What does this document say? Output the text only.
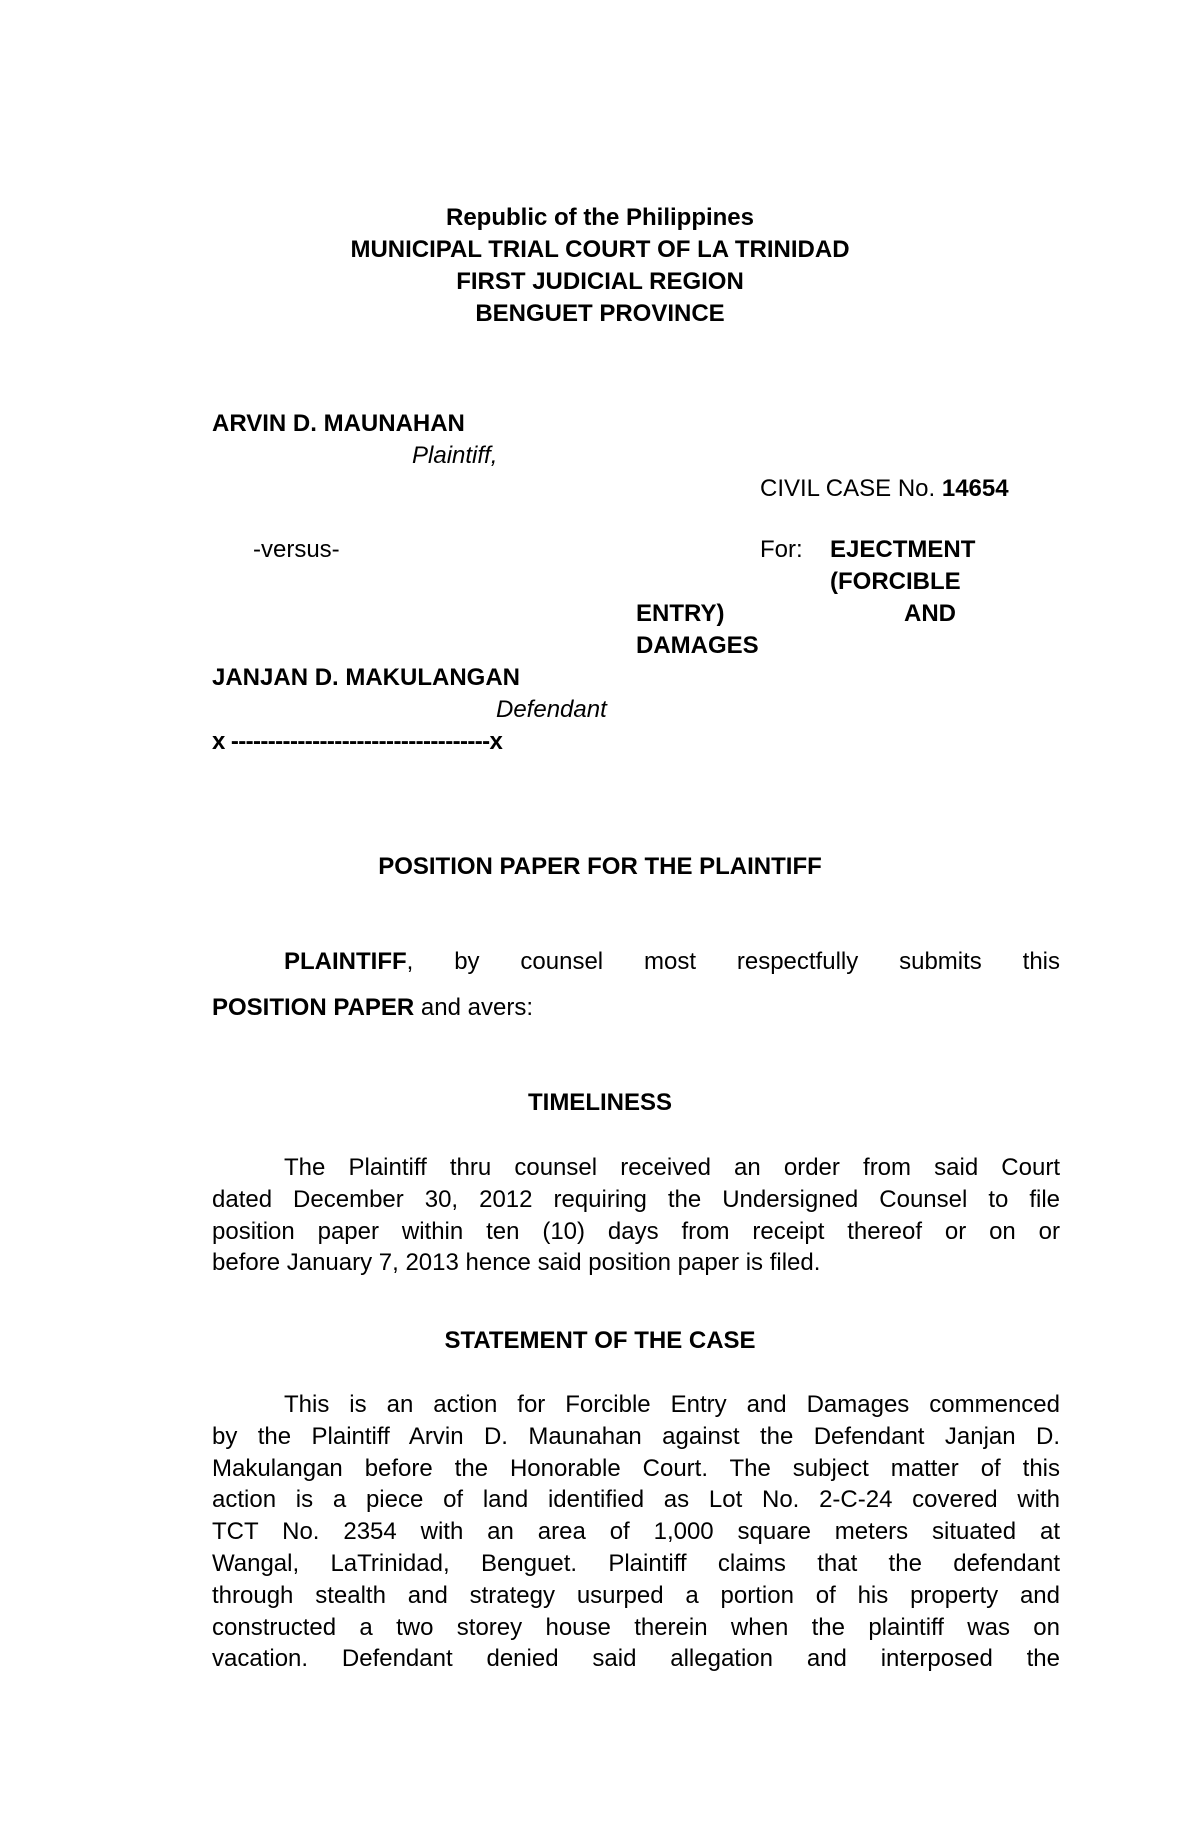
Republic of the Philippines
MUNICIPAL TRIAL COURT OF LA TRINIDAD
FIRST JUDICIAL REGION
BENGUET PROVINCE
ARVIN D. MAUNAHAN
Plaintiff,
CIVIL CASE No. 14654
-versus-	For: EJECTMENT
(FORCIBLE
ENTRY)	AND
DAMAGES
JANJAN D. MAKULANGAN
Defendant
x -----------------------------------x
POSITION PAPER FOR THE PLAINTIFF
PLAINTIFF, by counsel most respectfully submits this
POSITION PAPER and avers:
TIMELINESS
The Plaintiff thru counsel received an order from said Court
dated December 30, 2012 requiring the Undersigned Counsel to file
position paper within ten (10) days from receipt thereof or on or
before January 7, 2013 hence said position paper is filed.
STATEMENT OF THE CASE
This is an action for Forcible Entry and Damages commenced
by the Plaintiff Arvin D. Maunahan against the Defendant Janjan D.
Makulangan before the Honorable Court. The subject matter of this
action is a piece of land identified as Lot No. 2-C-24 covered with
TCT No. 2354 with an area of 1,000 square meters situated at
Wangal, LaTrinidad, Benguet. Plaintiff claims that the defendant
through stealth and strategy usurped a portion of his property and
constructed a two storey house therein when the plaintiff was on
vacation. Defendant denied said allegation and interposed the
